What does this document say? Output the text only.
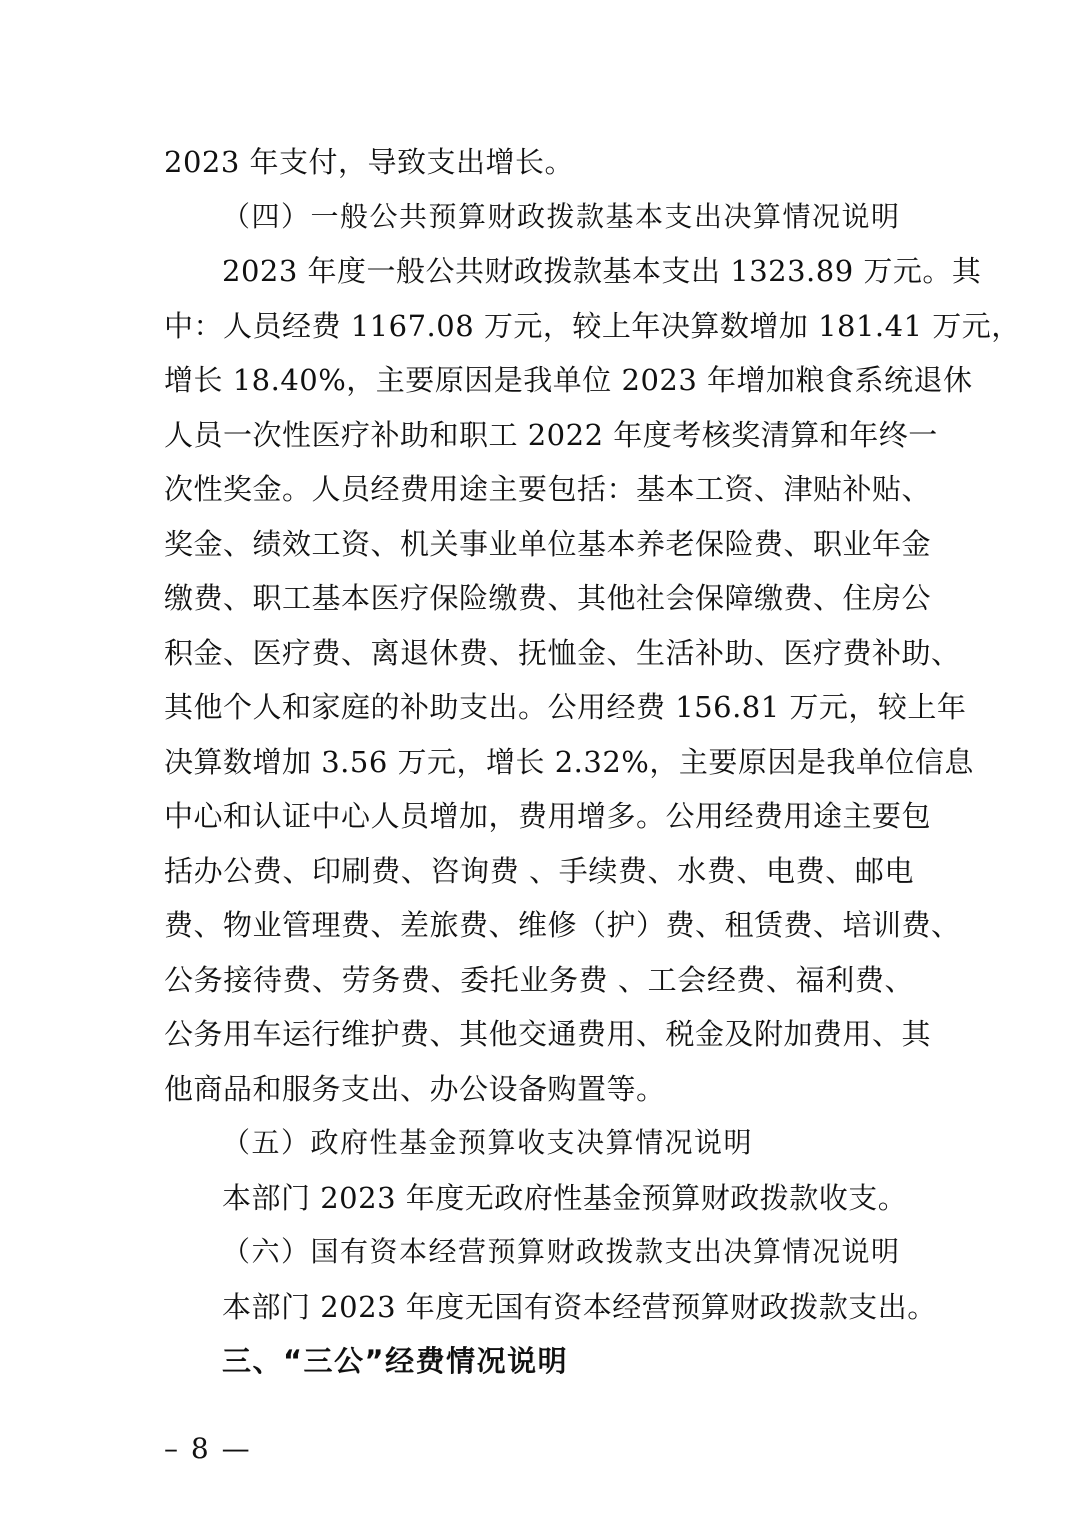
2023 年支付，导致支出增长。
（四）一般公共预算财政拨款基本支出决算情况说明
2023 年度一般公共财政拨款基本支出 1323.89 万元。其
中：人员经费 1167.08 万元，较上年决算数增加 181.41 万元，
增长 18.40%，主要原因是我单位 2023 年增加粮食系统退休
人员一次性医疗补助和职工 2022 年度考核奖清算和年终一
次性奖金。人员经费用途主要包括：基本工资、津贴补贴、
奖金、绩效工资、机关事业单位基本养老保险费、职业年金
缴费、职工基本医疗保险缴费、其他社会保障缴费、住房公
积金、医疗费、离退休费、抚恤金、生活补助、医疗费补助、
其他个人和家庭的补助支出。公用经费 156.81 万元，较上年
决算数增加 3.56 万元，增长 2.32%，主要原因是我单位信息
中心和认证中心人员增加，费用增多。公用经费用途主要包
括办公费、印刷费、咨询费 、手续费、水费、电费、邮电
费、物业管理费、差旅费、维修（护）费、租赁费、培训费、
公务接待费、劳务费、委托业务费 、工会经费、福利费、
公务用车运行维护费、其他交通费用、税金及附加费用、其
他商品和服务支出、办公设备购置等。
（五）政府性基金预算收支决算情况说明
本部门 2023 年度无政府性基金预算财政拨款收支。
（六）国有资本经营预算财政拨款支出决算情况说明
本部门 2023 年度无国有资本经营预算财政拨款支出。
三、“三公”经费情况说明
– 8 —
